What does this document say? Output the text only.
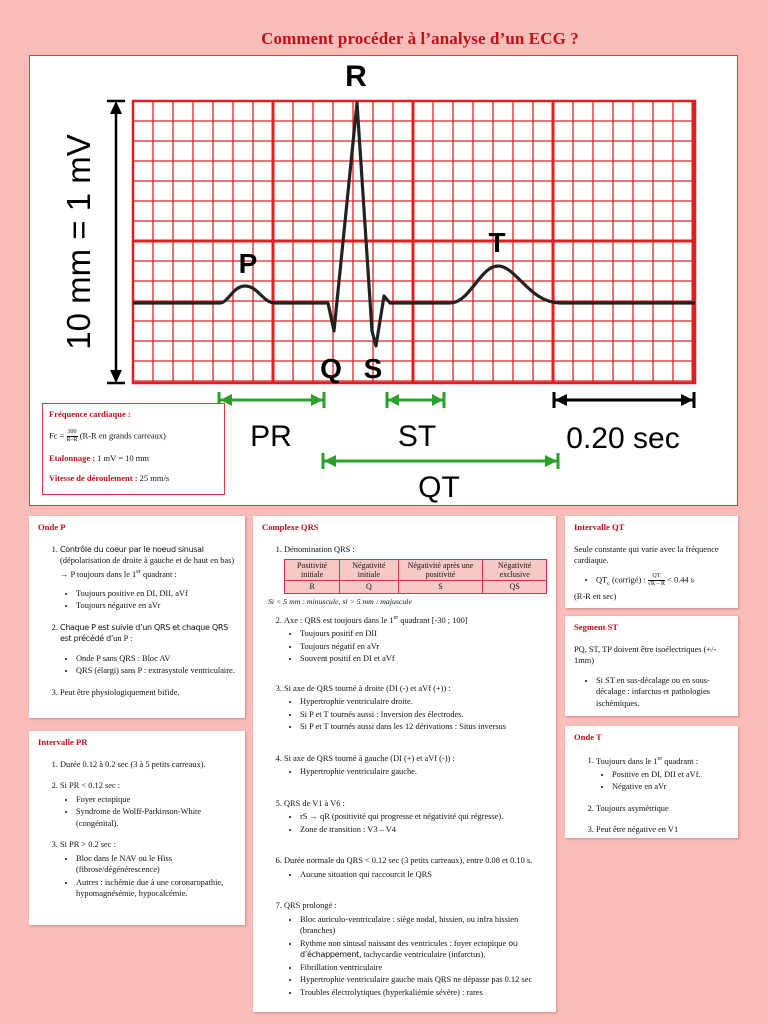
Comment procéder à l’analyse d’un ECG ?
10 mm = 1 mV
R
P
T
Q S
PR	ST	0.20 sec
QT
Fréquence cardiaque :
$Fc = \frac{300}{R-R} (R-R$ en grands carreaux)
Etalonnage : 1 mV = 10 mm
Vitesse de déroulement : 25 mm/s
Onde P
1. Contrôle du coeur par le noeud sinusal
(dépolarisation de droite à gauche et de haut en bas) → P toujours dans le 1er quadrant :
• Toujours positive en DI, DII, aVf
• Toujours négative en aVr
2. Chaque P est suivie d’un QRS et chaque QRS est précédé d’un P :
• Onde P sans QRS : Bloc AV
• QRS (élargi) sans P : extrasystole ventriculaire.
3. Peut être physiologiquement bifide.
Intervalle PR
1. Durée 0.12 à 0.2 sec (3 à 5 petits carreaux).
2. Si PR < 0.12 sec :
• Foyer ectopique
• Syndrome de Wolff-Parkinson-White (congénital).
3. Si PR > 0.2 sec :
• Bloc dans le NAV ou le Hiss (fibrose/dégénérescence)
• Autres : ischémie due à une coronaropathie, hypomagnésémie, hypocalcémie.
Complexe QRS
1. Dénomination QRS :
Positivité initiale	Négativité initiale	Négativité après une positivité	Négativité exclusive
R	Q	S	QS
Si < 5 mm : minuscule, si > 5 mm : majuscule
2. Axe : QRS est toujours dans le 1er quadrant [-30 ; 100]
• Toujours positif en DII
• Toujours négatif en aVr
• Souvent positif en DI et aVf
3. Si axe de QRS tourné à droite (DI (-) et aVf (+)) :
• Hypertrophie ventriculaire droite.
• Si P et T tournés aussi : Inversion des électrodes.
• Si P et T tournés aussi dans les 12 dérivations : Situs inversus
4. Si axe de QRS tourné à gauche (DI (+) et aVf (-)) :
• Hypertrophie ventriculaire gauche.
5. QRS de V1 à V6 :
• rS → qR (positivité qui progresse et négativité qui régresse).
• Zone de transition : V3 – V4
6. Durée normale du QRS < 0.12 sec (3 petits carreaux), entre 0.08 et 0.10 s.
• Aucune situation qui raccourcit le QRS
7. QRS prolongé :
• Bloc auriculo-ventriculaire : siège nodal, hissien, ou infra hissien (branches)
• Rythme non sinusal naissant des ventricules : foyer ectopique ou d’échappement, tachycardie ventriculaire (infarctus).
• Fibrillation ventriculaire
• Hypertrophie ventriculaire gauche mais QRS ne dépasse pas 0.12 sec
• Troubles électrolytiques (hyperkaliémie sévère) : rares
Intervalle QT
Seule constante qui varie avec la fréquence cardiaque.
• $QT_c$ (corrigé) : $\frac{QT}{√R - R} < 0.44$ s
(R-R en sec)
Segment ST
PQ, ST, TP doivent être isoélectriques (+/- 1mm)
• Si ST en sus-décalage ou en sous-décalage : infarctus et pathologies ischémiques.
Onde T
1. Toujours dans le 1er quadrant :
• Positive en DI, DII et aVf.
• Négative en aVr
2. Toujours asymétrique
3. Peut être négative en V1
